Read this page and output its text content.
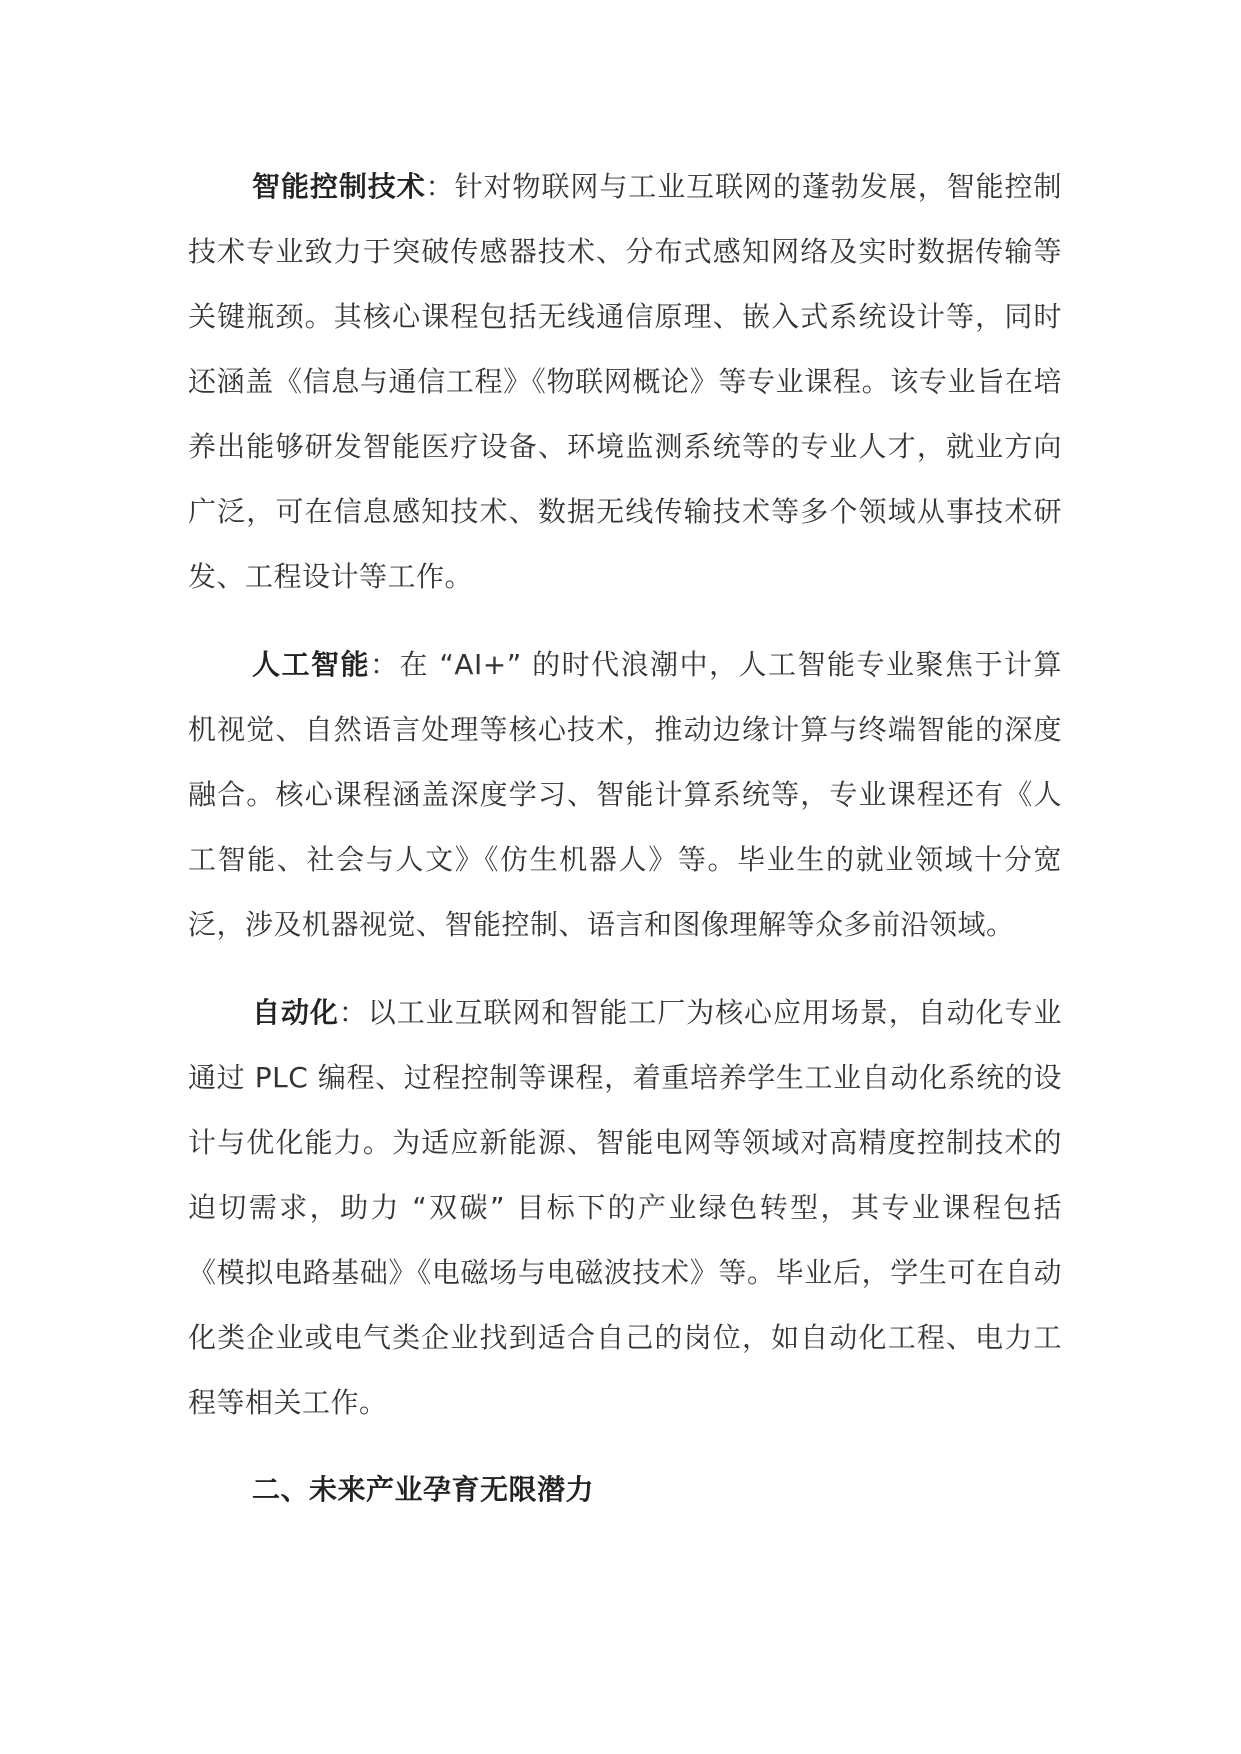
智能控制技术：针对物联网与工业互联网的蓬勃发展，智能控制技术专业致力于突破传感器技术、分布式感知网络及实时数据传输等关键瓶颈。其核心课程包括无线通信原理、嵌入式系统设计等，同时还涵盖《信息与通信工程》《物联网概论》等专业课程。该专业旨在培养出能够研发智能医疗设备、环境监测系统等的专业人才，就业方向广泛，可在信息感知技术、数据无线传输技术等多个领域从事技术研发、工程设计等工作。

人工智能：在 “AI+” 的时代浪潮中，人工智能专业聚焦于计算机视觉、自然语言处理等核心技术，推动边缘计算与终端智能的深度融合。核心课程涵盖深度学习、智能计算系统等，专业课程还有《人工智能、社会与人文》《仿生机器人》等。毕业生的就业领域十分宽泛，涉及机器视觉、智能控制、语言和图像理解等众多前沿领域。

自动化：以工业互联网和智能工厂为核心应用场景，自动化专业通过 PLC 编程、过程控制等课程，着重培养学生工业自动化系统的设计与优化能力。为适应新能源、智能电网等领域对高精度控制技术的迫切需求，助力 “双碳” 目标下的产业绿色转型，其专业课程包括《模拟电路基础》《电磁场与电磁波技术》等。毕业后，学生可在自动化类企业或电气类企业找到适合自己的岗位，如自动化工程、电力工程等相关工作。

二、未来产业孕育无限潜力
